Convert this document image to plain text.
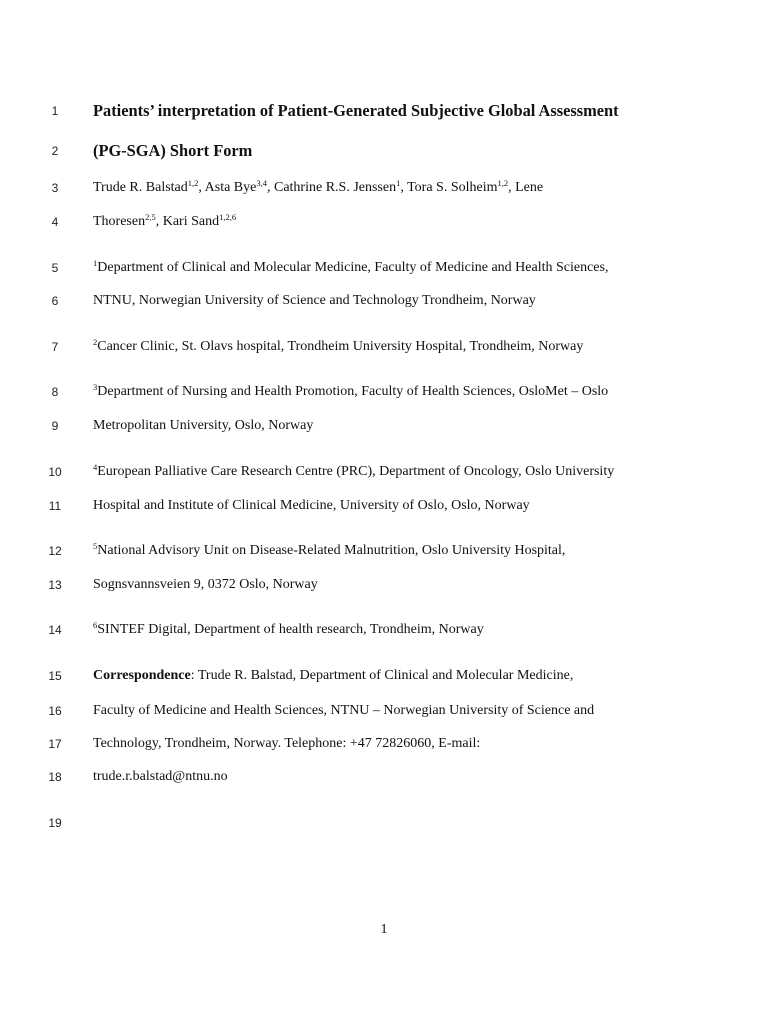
1	Patients’ interpretation of Patient-Generated Subjective Global Assessment
2	(PG-SGA) Short Form
3	Trude R. Balstad$^{1,2}$, Asta Bye$^{3,4}$, Cathrine R.S. Jenssen$^1$, Tora S. Solheim$^{1,2}$, Lene
4	Thoresen$^{2,5}$, Kari Sand$^{1,2,6}$
5	$^1$Department of Clinical and Molecular Medicine, Faculty of Medicine and Health Sciences,
6	NTNU, Norwegian University of Science and Technology Trondheim, Norway
7	$^2$Cancer Clinic, St. Olavs hospital, Trondheim University Hospital, Trondheim, Norway
8	$^3$Department of Nursing and Health Promotion, Faculty of Health Sciences, OsloMet – Oslo
9	Metropolitan University, Oslo, Norway
10	$^4$European Palliative Care Research Centre (PRC), Department of Oncology, Oslo University
11	Hospital and Institute of Clinical Medicine, University of Oslo, Oslo, Norway
12	$^5$National Advisory Unit on Disease-Related Malnutrition, Oslo University Hospital,
13	Sognsvannsveien 9, 0372 Oslo, Norway
14	$^6$SINTEF Digital, Department of health research, Trondheim, Norway
15	Correspondence: Trude R. Balstad, Department of Clinical and Molecular Medicine,
16	Faculty of Medicine and Health Sciences, NTNU – Norwegian University of Science and
17	Technology, Trondheim, Norway. Telephone: +47 72826060, E-mail:
18	trude.r.balstad@ntnu.no
19
1
